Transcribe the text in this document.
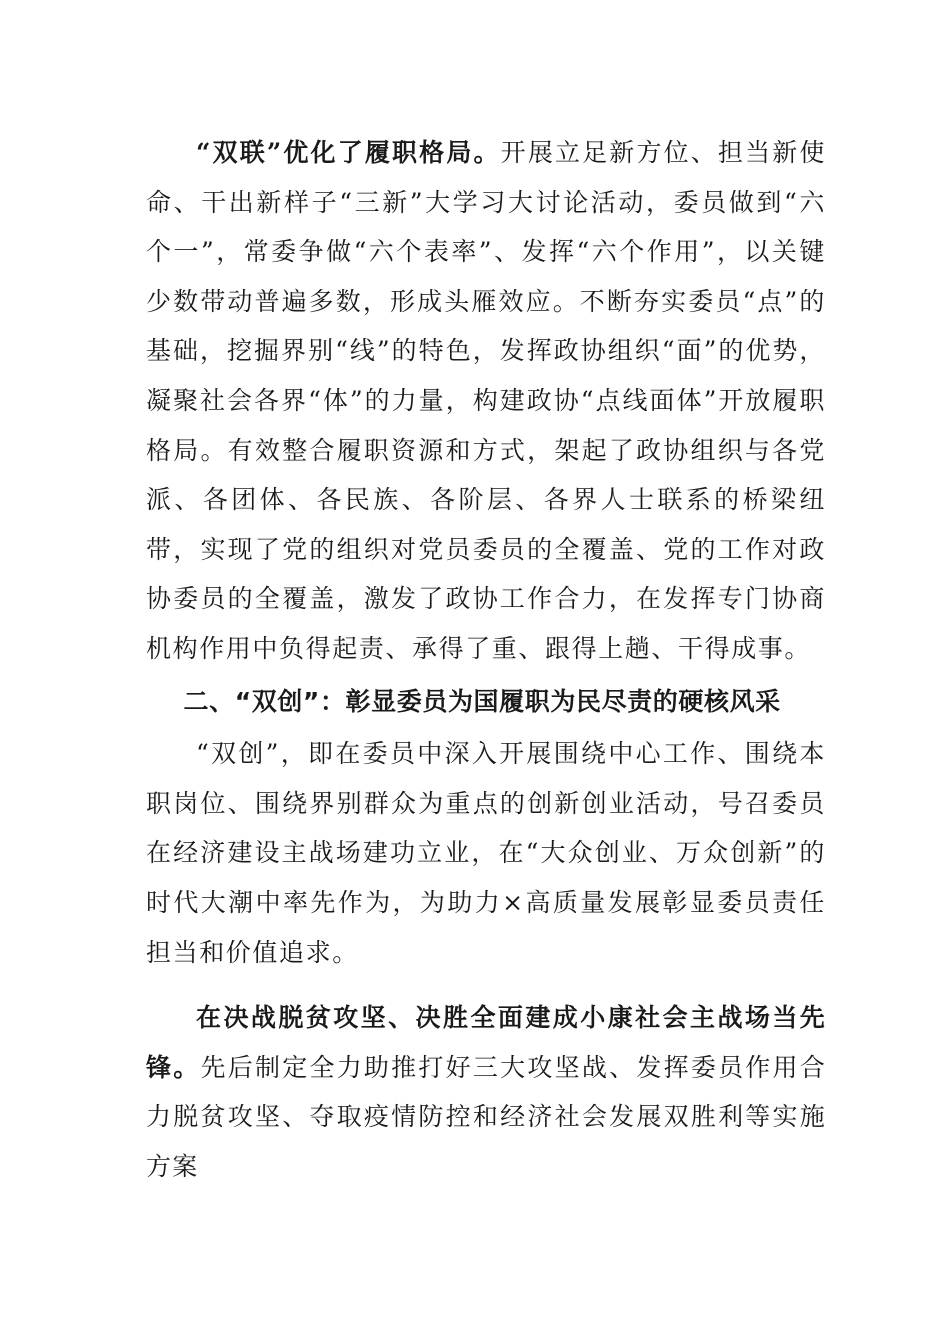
“双联”优化了履职格局。开展立足新方位、担当新使命、干出新样子“三新”大学习大讨论活动，委员做到“六个一”，常委争做“六个表率”、发挥“六个作用”，以关键少数带动普遍多数，形成头雁效应。不断夯实委员“点”的基础，挖掘界别“线”的特色，发挥政协组织“面”的优势，凝聚社会各界“体”的力量，构建政协“点线面体”开放履职格局。有效整合履职资源和方式，架起了政协组织与各党派、各团体、各民族、各阶层、各界人士联系的桥梁纽带，实现了党的组织对党员委员的全覆盖、党的工作对政协委员的全覆盖，激发了政协工作合力，在发挥专门协商机构作用中负得起责、承得了重、跟得上趟、干得成事。

二、“双创”：彰显委员为国履职为民尽责的硬核风采

“双创”，即在委员中深入开展围绕中心工作、围绕本职岗位、围绕界别群众为重点的创新创业活动，号召委员在经济建设主战场建功立业，在“大众创业、万众创新”的时代大潮中率先作为，为助力×高质量发展彰显委员责任担当和价值追求。

在决战脱贫攻坚、决胜全面建成小康社会主战场当先锋。先后制定全力助推打好三大攻坚战、发挥委员作用合力脱贫攻坚、夺取疫情防控和经济社会发展双胜利等实施方案
